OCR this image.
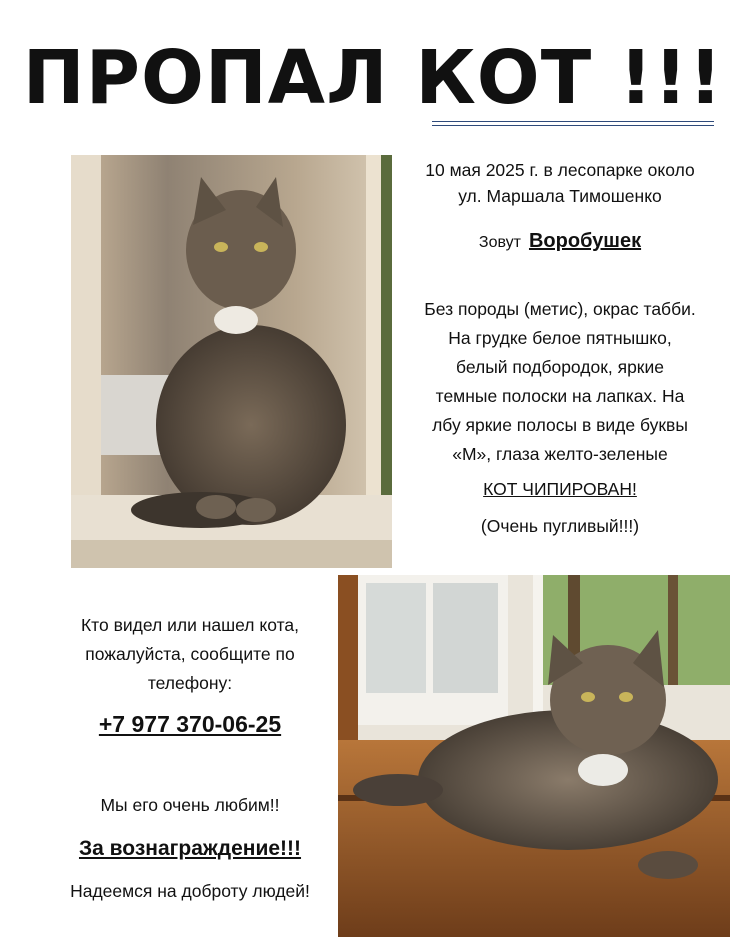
ПРОПАЛ КОТ !!!
10 мая 2025 г. в лесопарке около
ул. Маршала Тимошенко
Зовут Воробушек
Без породы (метис), окрас табби.
На грудке белое пятнышко,
белый подбородок, яркие
темные полоски на лапках. На
лбу яркие полосы в виде буквы
«М», глаза желто-зеленые
КОТ ЧИПИРОВАН!
(Очень пугливый!!!)
Кто видел или нашел кота,
пожалуйста, сообщите по
телефону:
+7 977 370-06-25
Мы его очень любим!!
За вознаграждение!!!
Надеемся на доброту людей!
